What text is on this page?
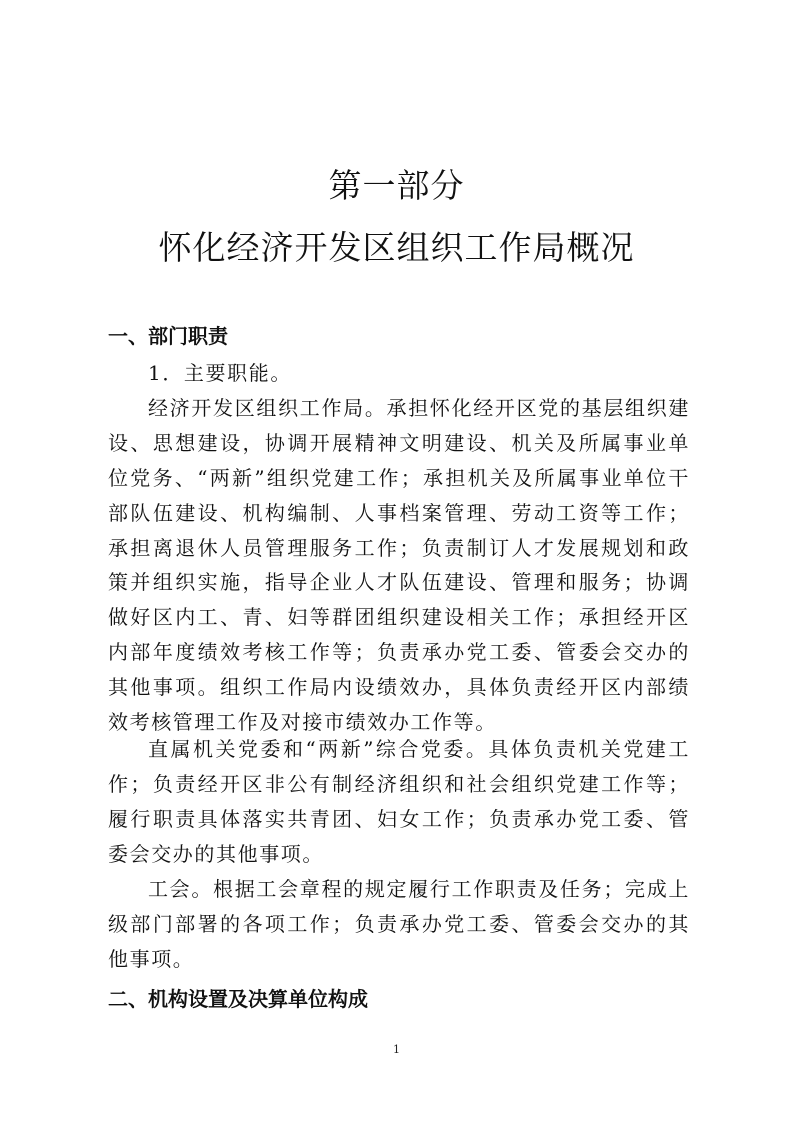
第一部分
怀化经济开发区组织工作局概况
一、部门职责

1．主要职能。

经济开发区组织工作局。承担怀化经开区党的基层组织建设、思想建设，协调开展精神文明建设、机关及所属事业单位党务、“两新”组织党建工作；承担机关及所属事业单位干部队伍建设、机构编制、人事档案管理、劳动工资等工作；承担离退休人员管理服务工作；负责制订人才发展规划和政策并组织实施，指导企业人才队伍建设、管理和服务；协调做好区内工、青、妇等群团组织建设相关工作；承担经开区内部年度绩效考核工作等；负责承办党工委、管委会交办的其他事项。组织工作局内设绩效办，具体负责经开区内部绩效考核管理工作及对接市绩效办工作等。

直属机关党委和“两新”综合党委。具体负责机关党建工作；负责经开区非公有制经济组织和社会组织党建工作等；履行职责具体落实共青团、妇女工作；负责承办党工委、管委会交办的其他事项。

工会。根据工会章程的规定履行工作职责及任务；完成上级部门部署的各项工作；负责承办党工委、管委会交办的其他事项。

二、机构设置及决算单位构成
1
